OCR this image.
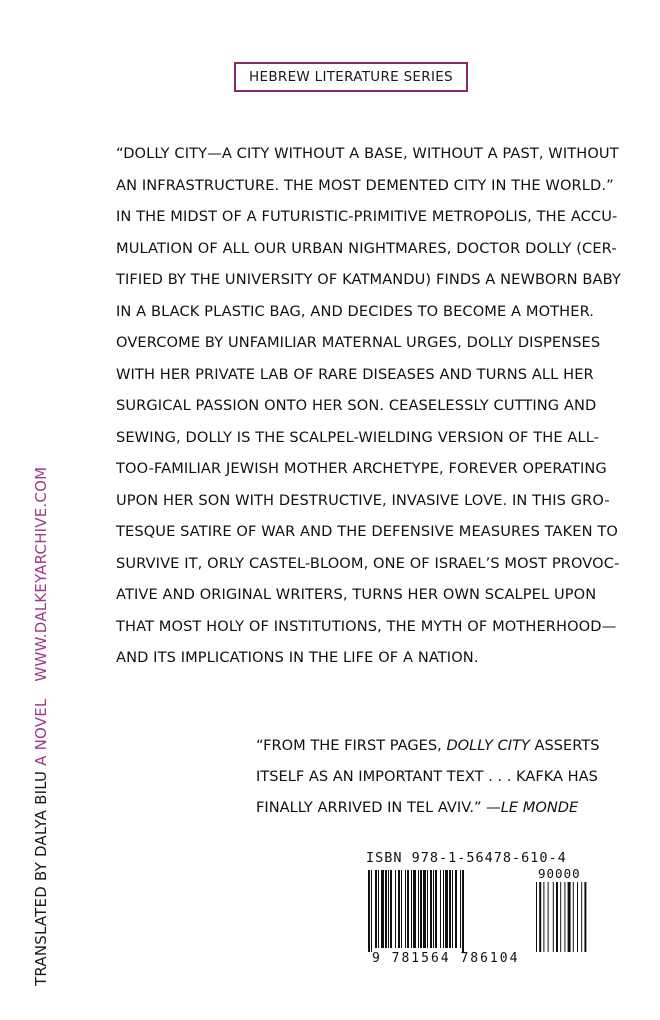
HEBREW LITERATURE SERIES
“DOLLY CITY—A CITY WITHOUT A BASE, WITHOUT A PAST, WITHOUT
AN INFRASTRUCTURE. THE MOST DEMENTED CITY IN THE WORLD.”
IN THE MIDST OF A FUTURISTIC-PRIMITIVE METROPOLIS, THE ACCU-
MULATION OF ALL OUR URBAN NIGHTMARES, DOCTOR DOLLY (CER-
TIFIED BY THE UNIVERSITY OF KATMANDU) FINDS A NEWBORN BABY
IN A BLACK PLASTIC BAG, AND DECIDES TO BECOME A MOTHER.
OVERCOME BY UNFAMILIAR MATERNAL URGES, DOLLY DISPENSES
WITH HER PRIVATE LAB OF RARE DISEASES AND TURNS ALL HER
SURGICAL PASSION ONTO HER SON. CEASELESSLY CUTTING AND
SEWING, DOLLY IS THE SCALPEL-WIELDING VERSION OF THE ALL-
TOO-FAMILIAR JEWISH MOTHER ARCHETYPE, FOREVER OPERATING
UPON HER SON WITH DESTRUCTIVE, INVASIVE LOVE. IN THIS GRO-
TESQUE SATIRE OF WAR AND THE DEFENSIVE MEASURES TAKEN TO
SURVIVE IT, ORLY CASTEL-BLOOM, ONE OF ISRAEL’S MOST PROVOC-
ATIVE AND ORIGINAL WRITERS, TURNS HER OWN SCALPEL UPON
THAT MOST HOLY OF INSTITUTIONS, THE MYTH OF MOTHERHOOD—
AND ITS IMPLICATIONS IN THE LIFE OF A NATION.
“FROM THE FIRST PAGES, DOLLY CITY ASSERTS
ITSELF AS AN IMPORTANT TEXT . . . KAFKA HAS
FINALLY ARRIVED IN TEL AVIV.” —LE MONDE
TRANSLATED BY DALYA BILU A NOVEL WWW.DALKEYARCHIVE.COM
ISBN 978-1-56478-610-4
90000
9 781564 786104
